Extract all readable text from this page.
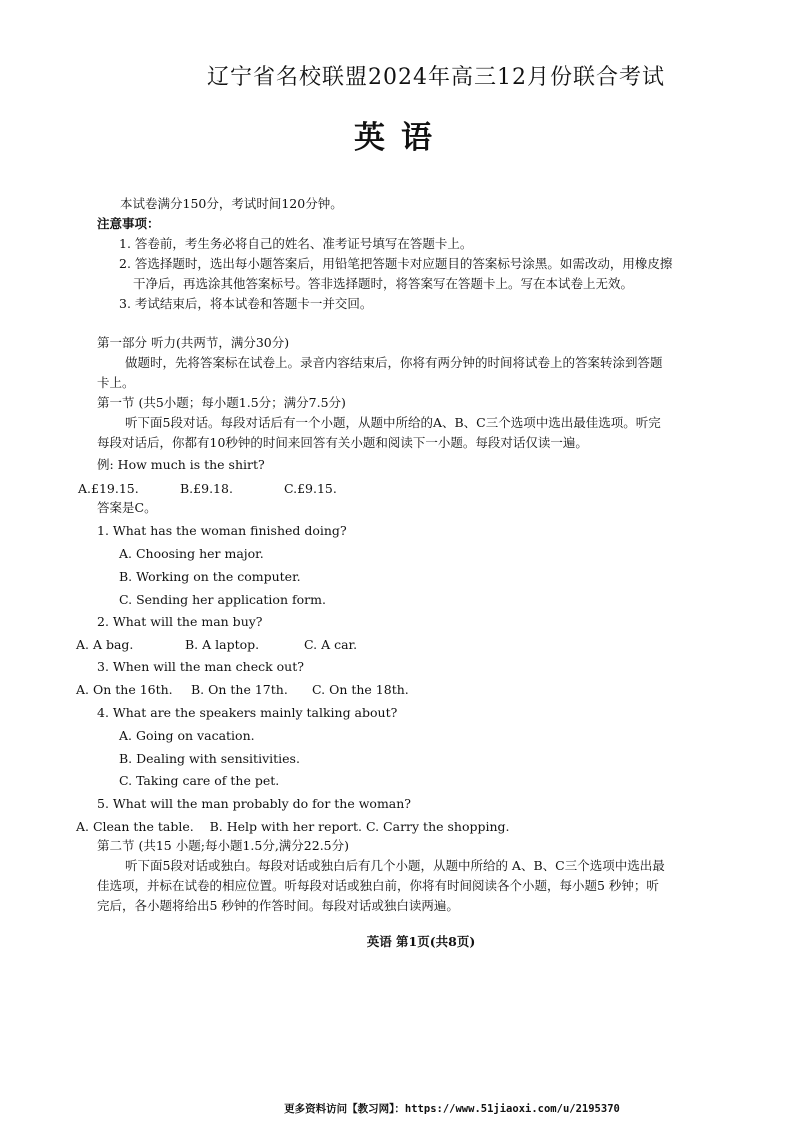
辽宁省名校联盟2024年高三12月份联合考试
英语
本试卷满分150分，考试时间120分钟。
注意事项：
1. 答卷前，考生务必将自己的姓名、准考证号填写在答题卡上。
2. 答选择题时，选出每小题答案后，用铅笔把答题卡对应题目的答案标号涂黑。如需改动，用橡皮擦
干净后，再选涂其他答案标号。答非选择题时，将答案写在答题卡上。写在本试卷上无效。
3. 考试结束后，将本试卷和答题卡一并交回。
第一部分 听力(共两节，满分30分)
做题时，先将答案标在试卷上。录音内容结束后，你将有两分钟的时间将试卷上的答案转涂到答题
卡上。
第一节 (共5小题；每小题1.5分；满分7.5分)
听下面5段对话。每段对话后有一个小题，从题中所给的A、B、C三个选项中选出最佳选项。听完
每段对话后，你都有10秒钟的时间来回答有关小题和阅读下一小题。每段对话仅读一遍。
例: How much is the shirt?
A.£19.15.	B.£9.18.	C.£9.15.
答案是C。
1. What has the woman finished doing?
A. Choosing her major.
B. Working on the computer.
C. Sending her application form.
2. What will the man buy?
A. A bag.	B. A laptop.	C. A car.
3. When will the man check out?
A. On the 16th. B. On the 17th. C. On the 18th.
4. What are the speakers mainly talking about?
A. Going on vacation.
B. Dealing with sensitivities.
C. Taking care of the pet.
5. What will the man probably do for the woman?
A. Clean the table.    B. Help with her report. C. Carry the shopping.
第二节 (共15 小题;每小题1.5分,满分22.5分)
听下面5段对话或独白。每段对话或独白后有几个小题，从题中所给的 A、B、C三个选项中选出最
佳选项，并标在试卷的相应位置。听每段对话或独白前，你将有时间阅读各个小题，每小题5 秒钟；听
完后，各小题将给出5 秒钟的作答时间。每段对话或独白读两遍。
英语 第1页(共8页)
更多资料访问【教习网】：https://www.51jiaoxi.com/u/2195370
